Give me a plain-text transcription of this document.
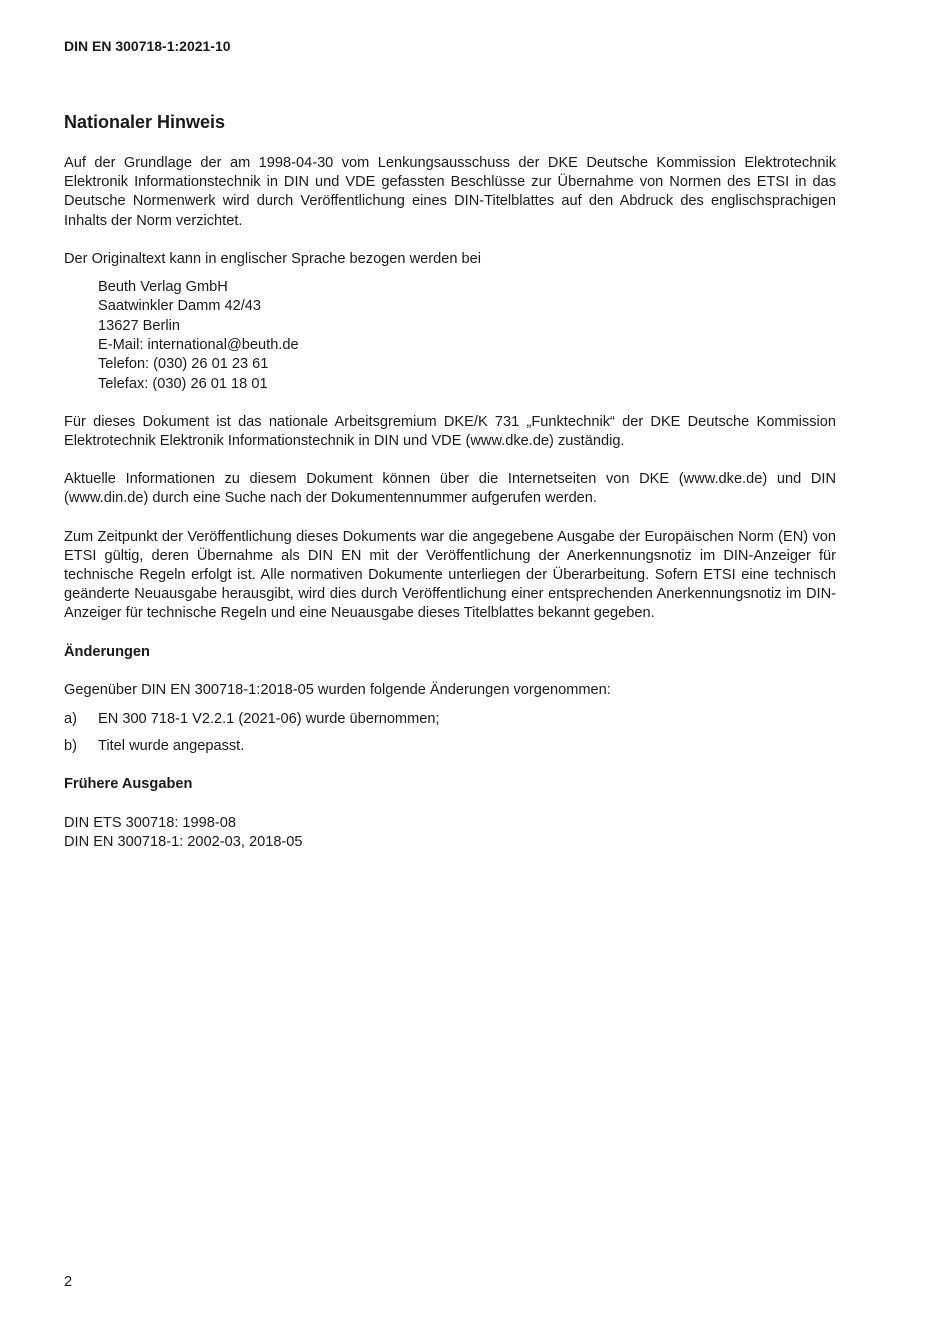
DIN EN 300718-1:2021-10
Nationaler Hinweis

Auf der Grundlage der am 1998-04-30 vom Lenkungsausschuss der DKE Deutsche Kommission Elektrotechnik Elektronik Informationstechnik in DIN und VDE gefassten Beschlüsse zur Übernahme von Normen des ETSI in das Deutsche Normenwerk wird durch Veröffentlichung eines DIN-Titelblattes auf den Abdruck des englischsprachigen Inhalts der Norm verzichtet.

Der Originaltext kann in englischer Sprache bezogen werden bei

Beuth Verlag GmbH
Saatwinkler Damm 42/43
13627 Berlin
E-Mail: international@beuth.de
Telefon: (030) 26 01 23 61
Telefax: (030) 26 01 18 01

Für dieses Dokument ist das nationale Arbeitsgremium DKE/K 731 „Funktechnik“ der DKE Deutsche Kommission Elektrotechnik Elektronik Informationstechnik in DIN und VDE (www.dke.de) zuständig.

Aktuelle Informationen zu diesem Dokument können über die Internetseiten von DKE (www.dke.de) und DIN (www.din.de) durch eine Suche nach der Dokumentennummer aufgerufen werden.

Zum Zeitpunkt der Veröffentlichung dieses Dokuments war die angegebene Ausgabe der Europäischen Norm (EN) von ETSI gültig, deren Übernahme als DIN EN mit der Veröffentlichung der Anerkennungsnotiz im DIN-Anzeiger für technische Regeln erfolgt ist. Alle normativen Dokumente unterliegen der Überarbeitung. Sofern ETSI eine technisch geänderte Neuausgabe herausgibt, wird dies durch Veröffentlichung einer entsprechenden Anerkennungsnotiz im DIN-Anzeiger für technische Regeln und eine Neuausgabe dieses Titelblattes bekannt gegeben.

Änderungen

Gegenüber DIN EN 300718-1:2018-05 wurden folgende Änderungen vorgenommen:

a)	EN 300 718-1 V2.2.1 (2021-06) wurde übernommen;
b)	Titel wurde angepasst.
Frühere Ausgaben
DIN ETS 300718: 1998-08
DIN EN 300718-1: 2002-03, 2018-05
2
